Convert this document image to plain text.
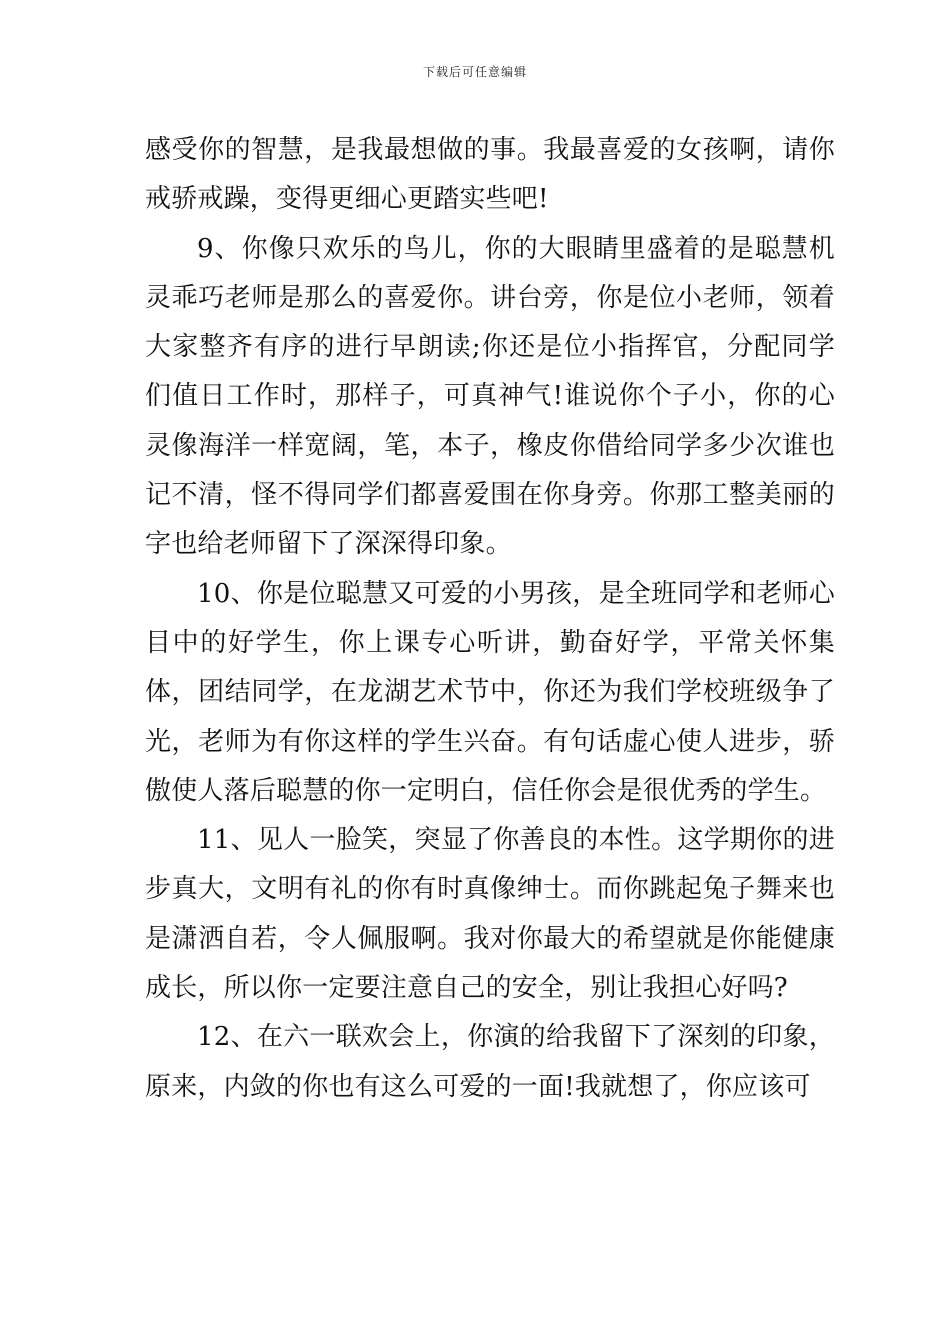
下载后可任意编辑

感受你的智慧，是我最想做的事。我最喜爱的女孩啊，请你戒骄戒躁，变得更细心更踏实些吧!

9、你像只欢乐的鸟儿，你的大眼睛里盛着的是聪慧机灵乖巧老师是那么的喜爱你。讲台旁，你是位小老师，领着大家整齐有序的进行早朗读;你还是位小指挥官，分配同学们值日工作时，那样子，可真神气!谁说你个子小，你的心灵像海洋一样宽阔，笔，本子，橡皮你借给同学多少次谁也记不清，怪不得同学们都喜爱围在你身旁。你那工整美丽的字也给老师留下了深深得印象。

10、你是位聪慧又可爱的小男孩，是全班同学和老师心目中的好学生，你上课专心听讲，勤奋好学，平常关怀集体，团结同学，在龙湖艺术节中，你还为我们学校班级争了光，老师为有你这样的学生兴奋。有句话虚心使人进步，骄傲使人落后聪慧的你一定明白，信任你会是很优秀的学生。

11、见人一脸笑，突显了你善良的本性。这学期你的进步真大，文明有礼的你有时真像绅士。而你跳起兔子舞来也是潇洒自若，令人佩服啊。我对你最大的希望就是你能健康成长，所以你一定要注意自己的安全，别让我担心好吗?

12、在六一联欢会上，你演的给我留下了深刻的印象，原来，内敛的你也有这么可爱的一面!我就想了，你应该可
